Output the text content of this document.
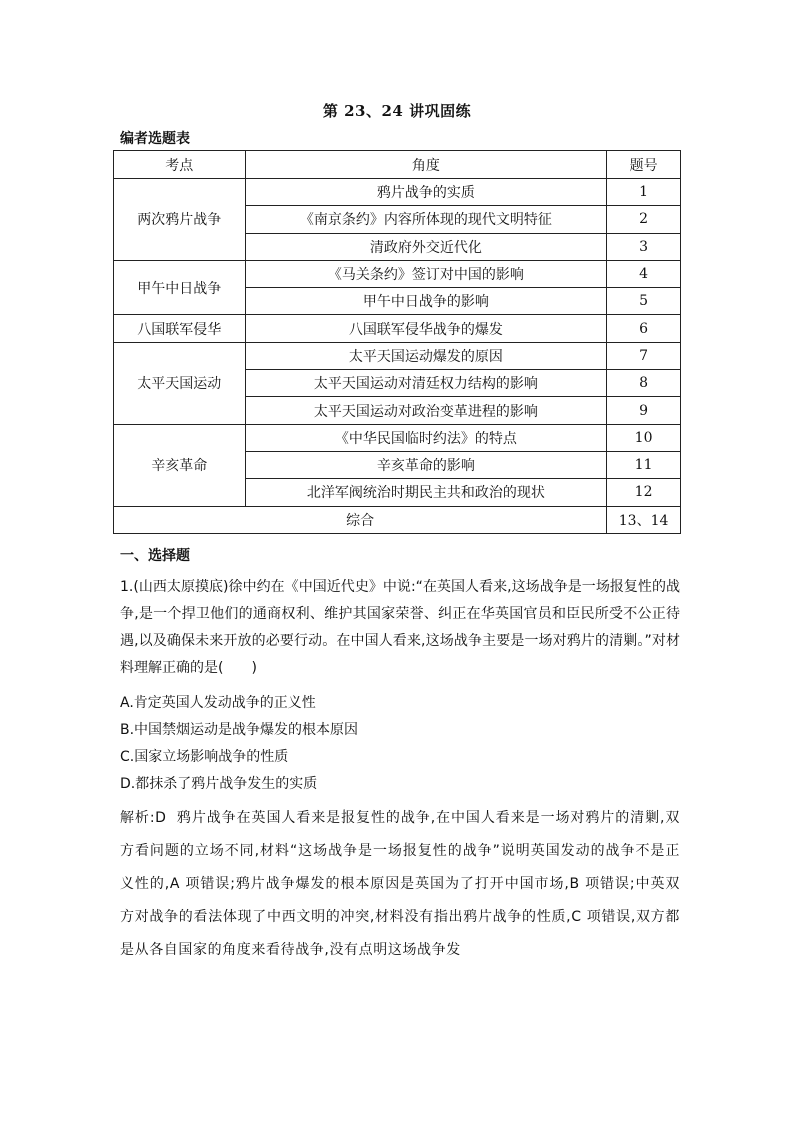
第 23、24 讲巩固练
编者选题表
考点	角度	题号
两次鸦片战争	鸦片战争的实质	1
	《南京条约》内容所体现的现代文明特征	2
	清政府外交近代化	3
甲午中日战争	《马关条约》签订对中国的影响	4
	甲午中日战争的影响	5
八国联军侵华	八国联军侵华战争的爆发	6
太平天国运动	太平天国运动爆发的原因	7
	太平天国运动对清廷权力结构的影响	8
	太平天国运动对政治变革进程的影响	9
辛亥革命	《中华民国临时约法》的特点	10
	辛亥革命的影响	11
	北洋军阀统治时期民主共和政治的现状	12
综合		13、14
一、选择题
1.(山西太原摸底)徐中约在《中国近代史》中说:“在英国人看来,这场战争是一场报复性的战争,是一个捍卫他们的通商权利、维护其国家荣誉、纠正在华英国官员和臣民所受不公正待遇,以及确保未来开放的必要行动。在中国人看来,这场战争主要是一场对鸦片的清剿。”对材料理解正确的是(　　)
A.肯定英国人发动战争的正义性
B.中国禁烟运动是战争爆发的根本原因
C.国家立场影响战争的性质
D.都抹杀了鸦片战争发生的实质
解析:D 鸦片战争在英国人看来是报复性的战争,在中国人看来是一场对鸦片的清剿,双方看问题的立场不同,材料“这场战争是一场报复性的战争”说明英国发动的战争不是正义性的,A 项错误;鸦片战争爆发的根本原因是英国为了打开中国市场,B 项错误;中英双方对战争的看法体现了中西文明的冲突,材料没有指出鸦片战争的性质,C 项错误,双方都是从各自国家的角度来看待战争,没有点明这场战争发
